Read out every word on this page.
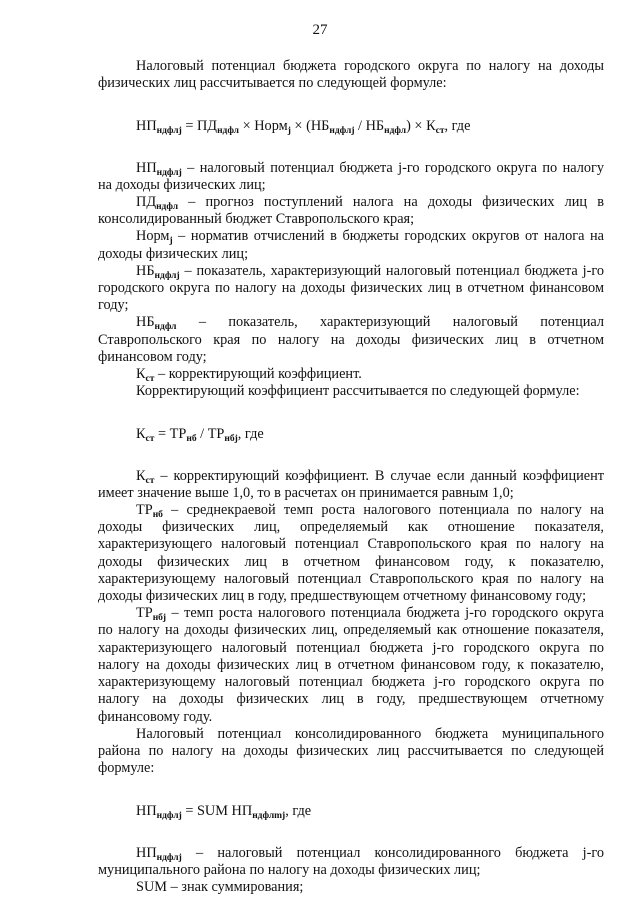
27

Налоговый потенциал бюджета городского округа по налогу на доходы физических лиц рассчитывается по следующей формуле:

$НП_{ндфлj} = ПД_{ндфл}$ × Норм$_j$ × $(НБ_{ндфлj} / НБ_{ндфл}) \times К_{ст}$, где

$НП_{ндфлj}$ – налоговый потенциал бюджета j-го городского округа по налогу на доходы физических лиц;

$ПД_{ндфл}$ – прогноз поступлений налога на доходы физических лиц в консолидированный бюджет Ставропольского края;

Норм$_j$ – норматив отчислений в бюджеты городских округов от налога на доходы физических лиц;

$НБ_{ндфлj}$ – показатель, характеризующий налоговый потенциал бюджета j-го городского округа по налогу на доходы физических лиц в отчетном финансовом году;

$НБ_{ндфл}$ – показатель, характеризующий налоговый потенциал Ставропольского края по налогу на доходы физических лиц в отчетном финансовом году;

$К_{ст}$ – корректирующий коэффициент.

Корректирующий коэффициент рассчитывается по следующей формуле:

$К_{ст} = ТР_{нб} / ТР_{нбj}$, где

$К_{ст}$ – корректирующий коэффициент. В случае если данный коэффициент имеет значение выше 1,0, то в расчетах он принимается равным 1,0;

$ТР_{нб}$ – среднекраевой темп роста налогового потенциала по налогу на доходы физических лиц, определяемый как отношение показателя, характеризующего налоговый потенциал Ставропольского края по налогу на доходы физических лиц в отчетном финансовом году, к показателю, характеризующему налоговый потенциал Ставропольского края по налогу на доходы физических лиц в году, предшествующем отчетному финансовому году;

$ТР_{нбj}$ – темп роста налогового потенциала бюджета j-го городского округа по налогу на доходы физических лиц, определяемый как отношение показателя, характеризующего налоговый потенциал бюджета j-го городского округа по налогу на доходы физических лиц в отчетном финансовом году, к показателю, характеризующему налоговый потенциал бюджета j-го городского округа по налогу на доходы физических лиц в году, предшествующем отчетному финансовому году.

Налоговый потенциал консолидированного бюджета муниципального района по налогу на доходы физических лиц рассчитывается по следующей формуле:

$НП_{ндфлj}$ = SUM $НП_{ндфлmj}$, где

$НП_{ндфлj}$ – налоговый потенциал консолидированного бюджета j-го муниципального района по налогу на доходы физических лиц;

SUM – знак суммирования;
